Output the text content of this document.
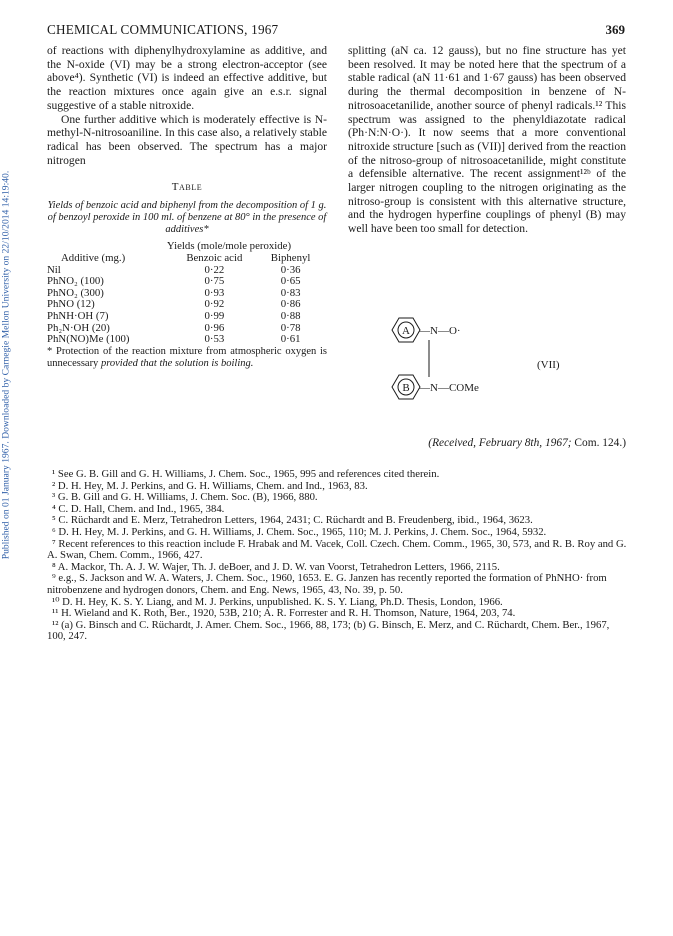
Published on 01 January 1967. Downloaded by Carnegie Mellon University on 22/10/2014 14:19:40.
CHEMICAL COMMUNICATIONS, 1967	369

of reactions with diphenylhydroxylamine as additive, and the N-oxide (VI) may be a strong electron-acceptor (see above⁴). Synthetic (VI) is indeed an effective additive, but the reaction mixtures once again give an e.s.r. signal suggestive of a stable nitroxide.

One further additive which is moderately effective is N-methyl-N-nitrosoaniline. In this case also, a relatively stable radical has been observed. The spectrum has a major nitrogen

Table

Yields of benzoic acid and biphenyl from the decomposition of 1 g. of benzoyl peroxide in 100 ml. of benzene at 80° in the presence of additives*

Yields (mole/mole peroxide)		
Additive (mg.)	Benzoic acid	Biphenyl
Nil	0·22	0·36
PhNO₂ (100)	0·75	0·65
PhNO₂ (300)	0·93	0·83
PhNO (12)	0·92	0·86
PhNH·OH (7)	0·99	0·88
Ph₂N·OH (20)	0·96	0·78
PhN(NO)Me (100)	0·53	0·61

* Protection of the reaction mixture from atmospheric oxygen is unnecessary provided that the solution is boiling.

splitting (aN ca. 12 gauss), but no fine structure has yet been resolved. It may be noted here that the spectrum of a stable radical (aN 11·61 and 1·67 gauss) has been observed during the thermal decomposition in benzene of N-nitrosoacetanilide, another source of phenyl radicals.¹² This spectrum was assigned to the phenyldiazotate radical (Ph·N:N·O·). It now seems that a more conventional nitroxide structure [such as (VII)] derived from the reaction of the nitroso-group of nitrosoacetanilide, might constitute a defensible alternative. The recent assignment¹²ᵇ of the larger nitrogen coupling to the nitrogen originating as the nitroso-group is consistent with this alternative structure, and the hydrogen hyperfine couplings of phenyl (B) may well have been too small for detection.

A —N—O·
B —N—COMe
(VII)
(Received, February 8th, 1967; Com. 124.)

¹ See G. B. Gill and G. H. Williams, J. Chem. Soc., 1965, 995 and references cited therein.

² D. H. Hey, M. J. Perkins, and G. H. Williams, Chem. and Ind., 1963, 83.

³ G. B. Gill and G. H. Williams, J. Chem. Soc. (B), 1966, 880.

⁴ C. D. Hall, Chem. and Ind., 1965, 384.

⁵ C. Rüchardt and E. Merz, Tetrahedron Letters, 1964, 2431; C. Rüchardt and B. Freudenberg, ibid., 1964, 3623.

⁶ D. H. Hey, M. J. Perkins, and G. H. Williams, J. Chem. Soc., 1965, 110; M. J. Perkins, J. Chem. Soc., 1964, 5932.

⁷ Recent references to this reaction include F. Hrabak and M. Vacek, Coll. Czech. Chem. Comm., 1965, 30, 573, and R. B. Roy and G. A. Swan, Chem. Comm., 1966, 427.

⁸ A. Mackor, Th. A. J. W. Wajer, Th. J. deBoer, and J. D. W. van Voorst, Tetrahedron Letters, 1966, 2115.

⁹ e.g., S. Jackson and W. A. Waters, J. Chem. Soc., 1960, 1653. E. G. Janzen has recently reported the formation of PhNHO· from nitrobenzene and hydrogen donors, Chem. and Eng. News, 1965, 43, No. 39, p. 50.

¹⁰ D. H. Hey, K. S. Y. Liang, and M. J. Perkins, unpublished. K. S. Y. Liang, Ph.D. Thesis, London, 1966.

¹¹ H. Wieland and K. Roth, Ber., 1920, 53B, 210; A. R. Forrester and R. H. Thomson, Nature, 1964, 203, 74.

¹² (a) G. Binsch and C. Rüchardt, J. Amer. Chem. Soc., 1966, 88, 173; (b) G. Binsch, E. Merz, and C. Rüchardt, Chem. Ber., 1967, 100, 247.
